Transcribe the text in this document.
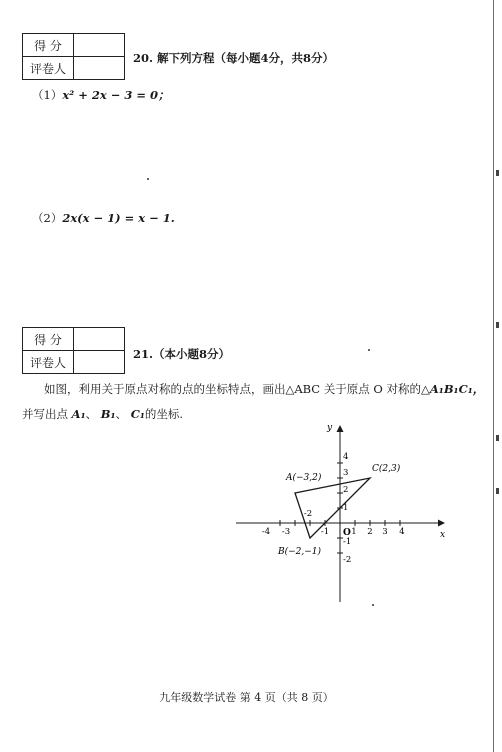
得 分	
评卷人	
20. 解下列方程（每小题4分，共8分）
（1）x² + 2x − 3 = 0；
（2）2x(x − 1) = x − 1.
得 分	
评卷人	
21.（本小题8分）
如图，利用关于原点对称的点的坐标特点，画出△ABC 关于原点 O 对称的△A₁B₁C₁，
并写出点 A₁、 B₁、 C₁的坐标.
x
y
O
-4 -3
-2
-1	1 2 3 4
4
3
2
1
-1
-2
A(−3,2)
C(2,3)
B(−2,−1)
九年级数学试卷 第 4 页（共 8 页）
